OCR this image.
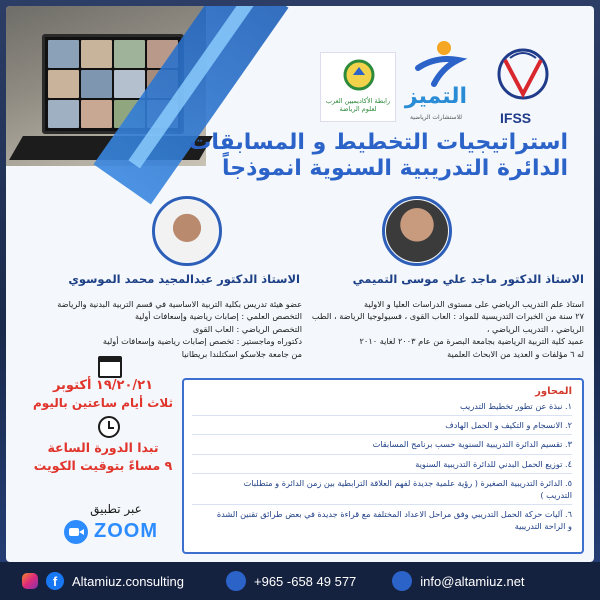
IFSS
التميز
للاستشارات الرياضية
رابطة الأكاديميين العرب لعلوم الرياضة
استراتيجيات التخطيط و المسابقات
الدائرة التدريبية السنوية انموذجاً
الاستاذ الدكتور ماجد علي موسى التميمي
الاستاذ الدكتور عبدالمجيد محمد الموسوي
استاذ علم التدريب الرياضي على مستوى الدراسات العليا و الاولية
٢٧ سنة من الخبرات التدريسية للمواد : العاب القوى ، فسيولوجيا الرياضة ، الطب
الرياضي ، التدريب الرياضي ،
عميد كلية التربية الرياضية بجامعة البصرة من عام ٢٠٠٣ لغاية ٢٠١٠
له ٦ مؤلفات و العديد من الابحاث العلمية
عضو هيئة تدريس بكلية التربية الاساسية في قسم التربية البدنية والرياضة
التخصص العلمي : إصابات رياضية وإسعافات أولية
التخصص الرياضي : العاب القوى
دكتوراه وماجستير : تخصص إصابات رياضية وإسعافات أولية
من جامعة جلاسكو اسكتلندا بريطانيا
١٩/٢٠/٢١ أكتوبر
ثلاث أيام ساعتين باليوم
تبدا الدورة الساعة
٩ مساءً بتوقيت الكويت
عبر تطبيق
ZOOM
المحاور
١. نبذة عن تطور تخطيط التدريب
٢. الانسجام و التكيف و الحمل الهادف
٣. تقسيم الدائرة التدريبية السنوية حسب برنامج المسابقات
٤. توزيع الحمل البدني للدائرة التدريبية السنوية
٥. الدائرة التدريبية الصغيرة ( رؤية علمية جديدة لفهم العلاقة الترابطية بين زمن الدائرة و متطلبات
التدريب )
٦. آليات حركة الحمل التدريبي وفق مراحل الاعداد المختلفة مع قراءة جديدة في بعض طرائق تقنين الشدة
و الراحة التدريبية
f	Altamiuz.consulting	+965 -658 49 577	info@altamiuz.net
